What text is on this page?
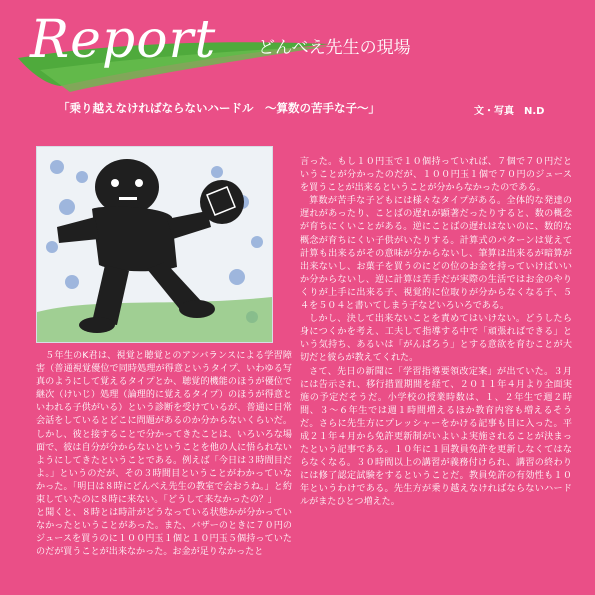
Report どんべえ先生の現場
「乗り越えなければならないハードル　～算数の苦手な子～」	文・写真　N.D

５年生のK君は、視覚と聴覚とのアンバランスによる学習障害（普通視覚優位で同時処理が得意というタイプ、いわゆる写真のようにして覚えるタイプとか、聴覚的機能のほうが優位で継次（けいじ）処理（論理的に覚えるタイプ）のほうが得意といわれる子供がいる）という診断を受けているが、普通に日常会話をしているとどこに問題があるのか分からないくらいだ。しかし、彼と接することで分かってきたことは、いろいろな場面で、彼は自分が分からないということを他の人に悟られないようにしてきたということである。例えば「今日は３時間目だよ。」というのだが、その３時間目ということがわかっていなかった。「明日は８時にどんべえ先生の教室で会おうね。」と約束していたのに８時に来ない。「どうして来なかったの？」

と聞くと、８時とは時計がどうなっている状態かが分かっていなかったということがあった。また、バザーのときに７０円のジュースを買うのに１００円玉１個と１０円玉５個持っていたのだが買うことが出来なかった。お金が足りなかったと

言った。もし１０円玉で１０個持っていれば、７個で７０円だということが分かったのだが、１００円玉１個で７０円のジュースを買うことが出来るということが分からなかったのである。

算数が苦手な子どもには様々なタイプがある。全体的な発達の遅れがあったり、ことばの遅れが顕著だったりすると、数の概念が育ちにくいことがある。逆にことばの遅れはないのに、数的な概念が育ちにくい子供がいたりする。計算式のパターンは覚えて計算も出来るがその意味が分からないし、筆算は出来るが暗算が出来ないし、お菓子を買うのにどの位のお金を持っていけばいいか分からないし、逆に計算は苦手だが実際の生活ではお金のやりくりが上手に出来る子、視覚的に位取りが分からなくなる子、５４を５０４と書いてしまう子などいろいろである。

しかし、決して出来ないことを責めてはいけない。どうしたら身につくかを考え、工夫して指導する中で「頑張ればできる」という気持ち、あるいは「がんばろう」とする意欲を育むことが大切だと彼らが教えてくれた。

さて、先日の新聞に「学習指導要領改定案」が出ていた。３月には告示され、移行措置期間を経て、２０１１年４月より全面実施の予定だそうだ。小学校の授業時数は、１、２年生で週２時間、３～６年生では週１時間増えるほか教育内容も増えるそうだ。さらに先生方にプレッシャーをかける記事も目に入った。平成２１年４月から免許更新制がいよいよ実施されることが決まったという記事である。１０年に１回教員免許を更新しなくてはならなくなる。３０時間以上の講習が義務付けられ、講習の終わりには修了認定試験をするということだ。教員免許の有効性も１０年というわけである。先生方が乗り越えなければならないハードルがまたひとつ増えた。
